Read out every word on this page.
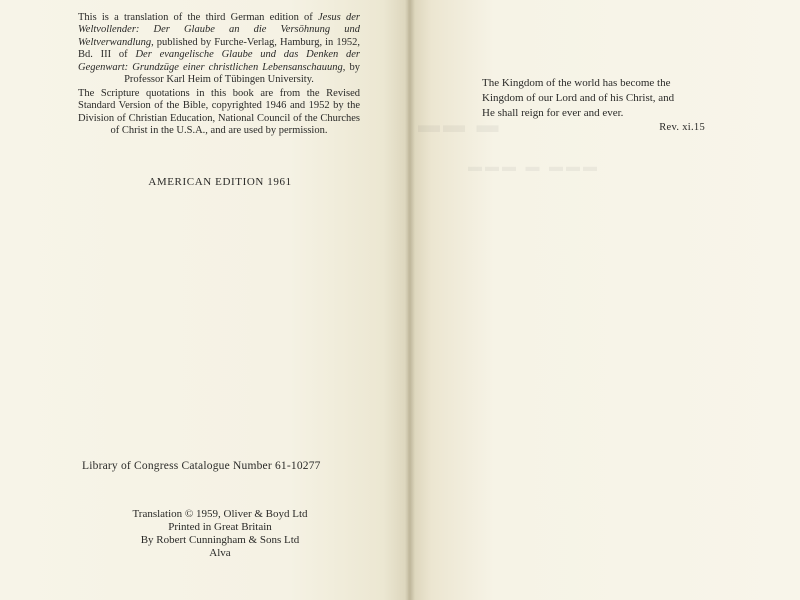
This is a translation of the third German edition of Jesus der Weltvollender: Der Glaube an die Versöhnung und Weltverwandlung, published by Furche-Verlag, Hamburg, in 1952, Bd. III of Der evangelische Glaube und das Denken der Gegenwart: Grundzüge einer christlichen Lebensanschauung, by Professor Karl Heim of Tübingen University.

The Scripture quotations in this book are from the Revised Standard Version of the Bible, copyrighted 1946 and 1952 by the Division of Christian Education, National Council of the Churches of Christ in the U.S.A., and are used by permission.

AMERICAN EDITION 1961
Library of Congress Catalogue Number 61-10277
Translation © 1959, Oliver & Boyd Ltd
Printed in Great Britain
By Robert Cunningham & Sons Ltd
Alva
▬▬ ▬
▬▬▬ ▬ ▬▬▬
The Kingdom of the world has become the
Kingdom of our Lord and of his Christ, and
He shall reign for ever and ever.
Rev. xi.15
